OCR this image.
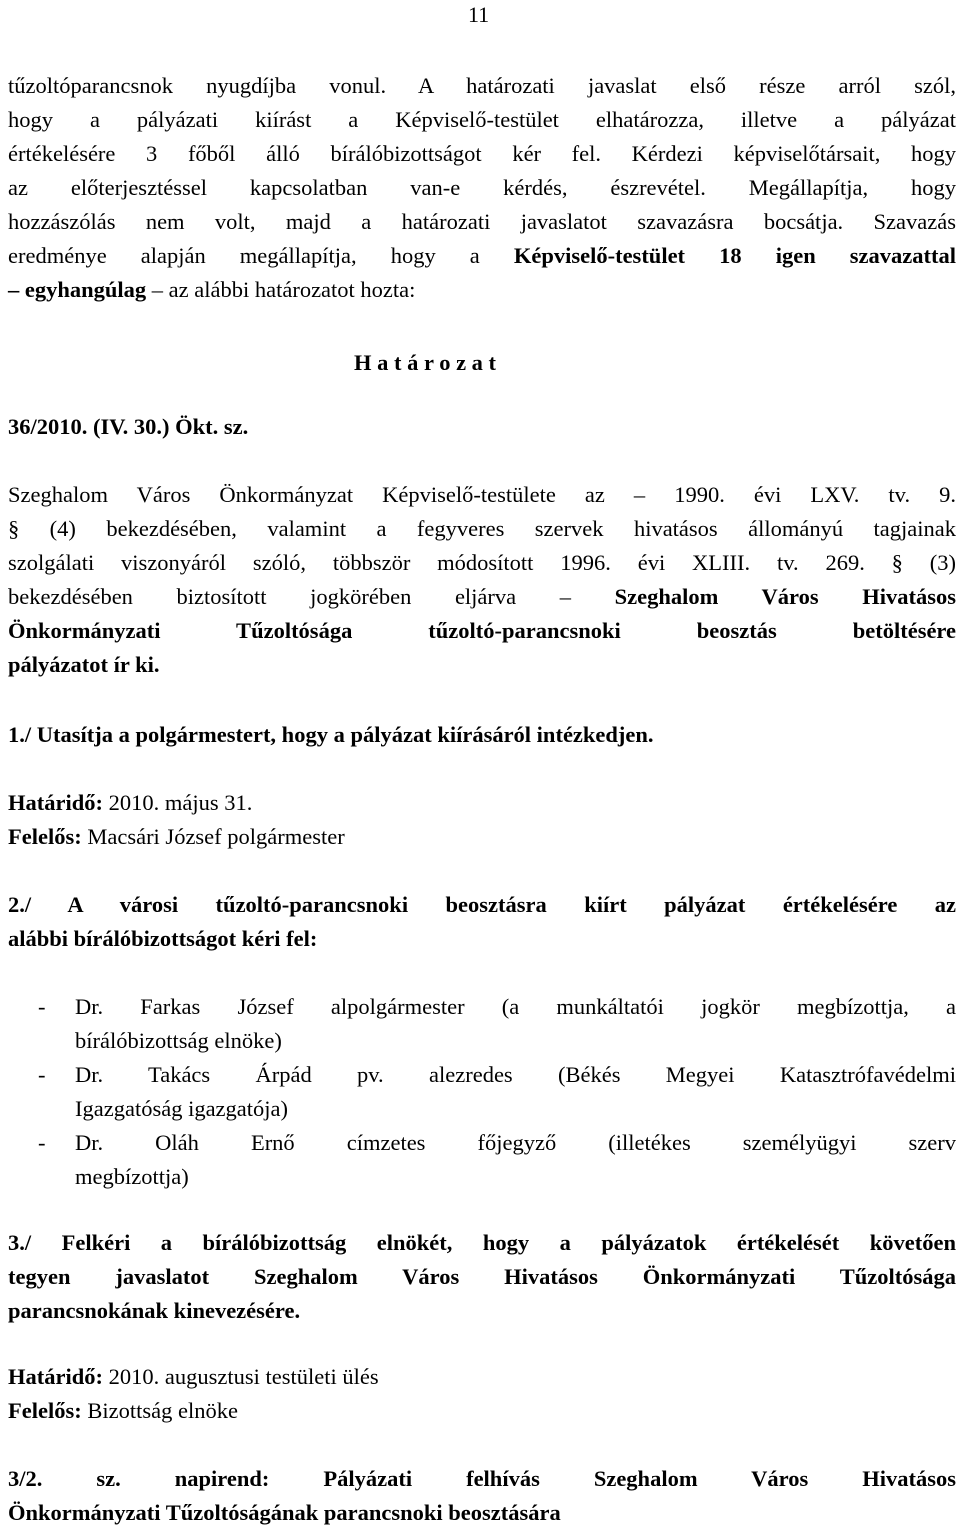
11
tűzoltóparancsnok nyugdíjba vonul. A határozati javaslat első része arról szól,
hogy a pályázati kiírást a Képviselő-testület elhatározza, illetve a pályázat
értékelésére 3 főből álló bírálóbizottságot kér fel. Kérdezi képviselőtársait, hogy
az előterjesztéssel kapcsolatban van-e kérdés, észrevétel. Megállapítja, hogy
hozzászólás nem volt, majd a határozati javaslatot szavazásra bocsátja. Szavazás
eredménye alapján megállapítja, hogy a Képviselő-testület 18 igen szavazattal
– egyhangúlag – az alábbi határozatot hozta:
H a t á r o z a t
36/2010. (IV. 30.) Ökt. sz.
Szeghalom Város Önkormányzat Képviselő-testülete az – 1990. évi LXV. tv. 9.
§ (4) bekezdésében, valamint a fegyveres szervek hivatásos állományú tagjainak
szolgálati viszonyáról szóló, többször módosított 1996. évi XLIII. tv. 269. § (3)
bekezdésében biztosított jogkörében eljárva – Szeghalom Város Hivatásos
Önkormányzati Tűzoltósága tűzoltó-parancsnoki beosztás betöltésére
pályázatot ír ki.
1./ Utasítja a polgármestert, hogy a pályázat kiírásáról intézkedjen.
Határidő: 2010. május 31.
Felelős: Macsári József polgármester
2./ A városi tűzoltó-parancsnoki beosztásra kiírt pályázat értékelésére az
alábbi bírálóbizottságot kéri fel:
- Dr. Farkas József alpolgármester (a munkáltatói jogkör megbízottja, a
bírálóbizottság elnöke)
- Dr. Takács Árpád pv. alezredes (Békés Megyei Katasztrófavédelmi
Igazgatóság igazgatója)
- Dr. Oláh Ernő címzetes főjegyző (illetékes személyügyi szerv
megbízottja)
3./ Felkéri a bírálóbizottság elnökét, hogy a pályázatok értékelését követően
tegyen javaslatot Szeghalom Város Hivatásos Önkormányzati Tűzoltósága
parancsnokának kinevezésére.
Határidő: 2010. augusztusi testületi ülés
Felelős: Bizottság elnöke
3/2. sz. napirend: Pályázati felhívás Szeghalom Város Hivatásos
Önkormányzati Tűzoltóságának parancsnoki beosztására
